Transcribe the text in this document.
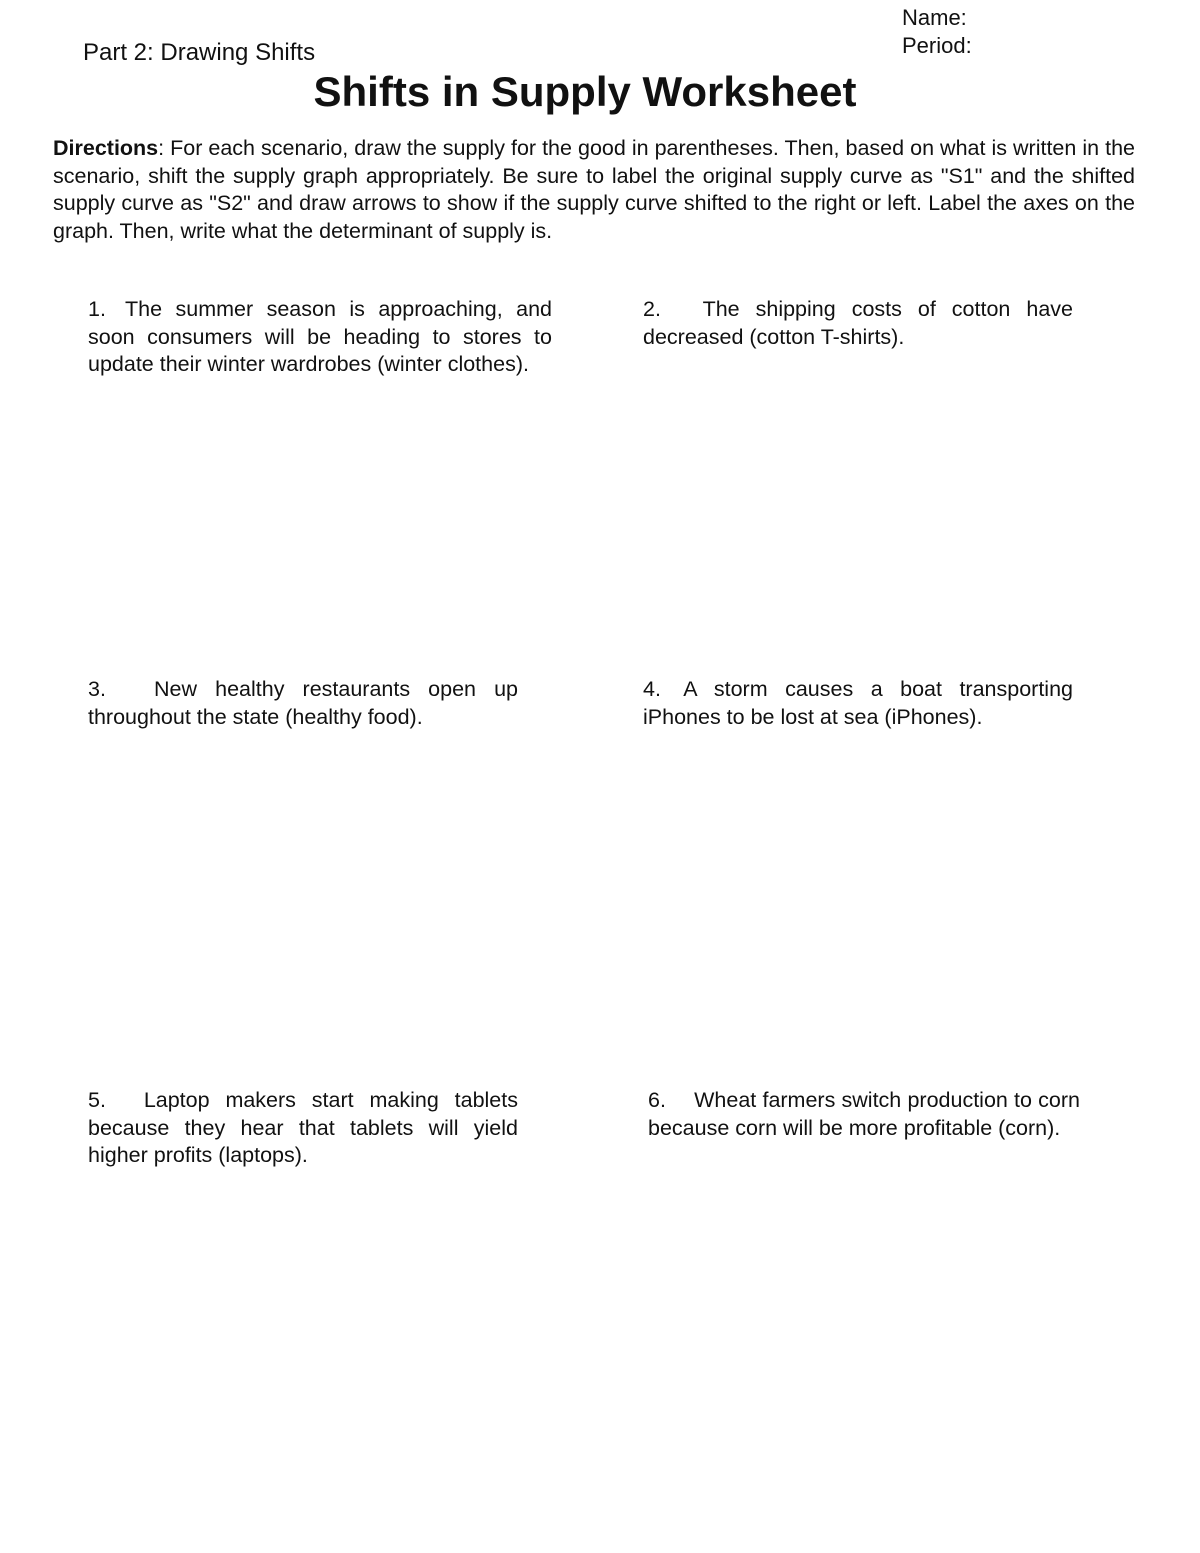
Name:
Period:
Part 2: Drawing Shifts
Shifts in Supply Worksheet
Directions: For each scenario, draw the supply for the good in parentheses. Then, based on what is written in the scenario, shift the supply graph appropriately. Be sure to label the original supply curve as "S1" and the shifted supply curve as "S2" and draw arrows to show if the supply curve shifted to the right or left. Label the axes on the graph. Then, write what the determinant of supply is.
1. The summer season is approaching, and soon consumers will be heading to stores to update their winter wardrobes (winter clothes).
2. The shipping costs of cotton have decreased (cotton T-shirts).
3. New healthy restaurants open up throughout the state (healthy food).
4. A storm causes a boat transporting iPhones to be lost at sea (iPhones).
5. Laptop makers start making tablets because they hear that tablets will yield higher profits (laptops).
6. Wheat farmers switch production to corn because corn will be more profitable (corn).
